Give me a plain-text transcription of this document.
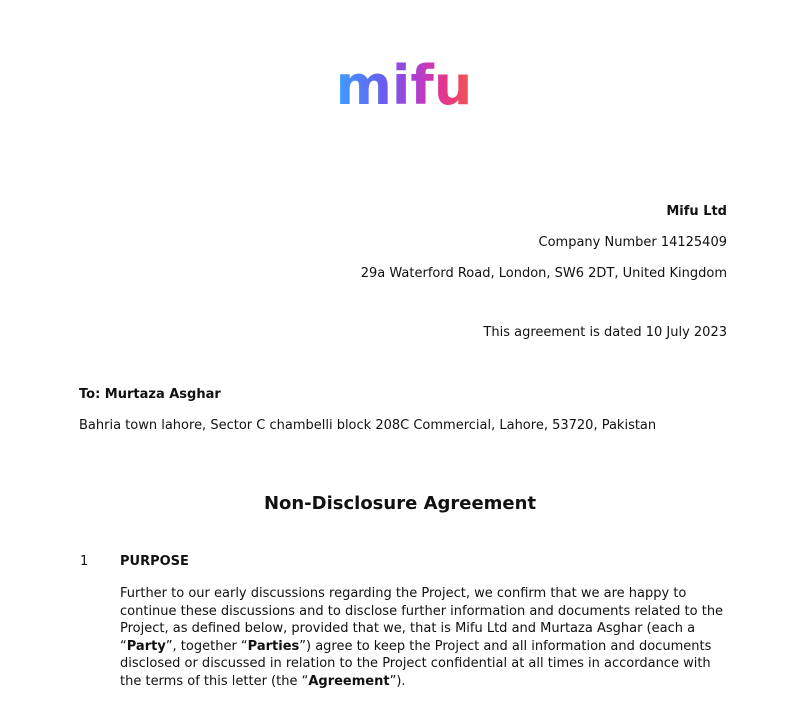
mifu
Mifu Ltd
Company Number 14125409
29a Waterford Road, London, SW6 2DT, United Kingdom
This agreement is dated 10 July 2023
To: Murtaza Asghar
Bahria town lahore, Sector C chambelli block 208C Commercial, Lahore, 53720, Pakistan
Non-Disclosure Agreement
1 PURPOSE
Further to our early discussions regarding the Project, we confirm that we are happy to continue these discussions and to disclose further information and documents related to the Project, as defined below, provided that we, that is Mifu Ltd and Murtaza Asghar (each a “Party”, together “Parties”) agree to keep the Project and all information and documents disclosed or discussed in relation to the Project confidential at all times in accordance with the terms of this letter (the “Agreement”).
